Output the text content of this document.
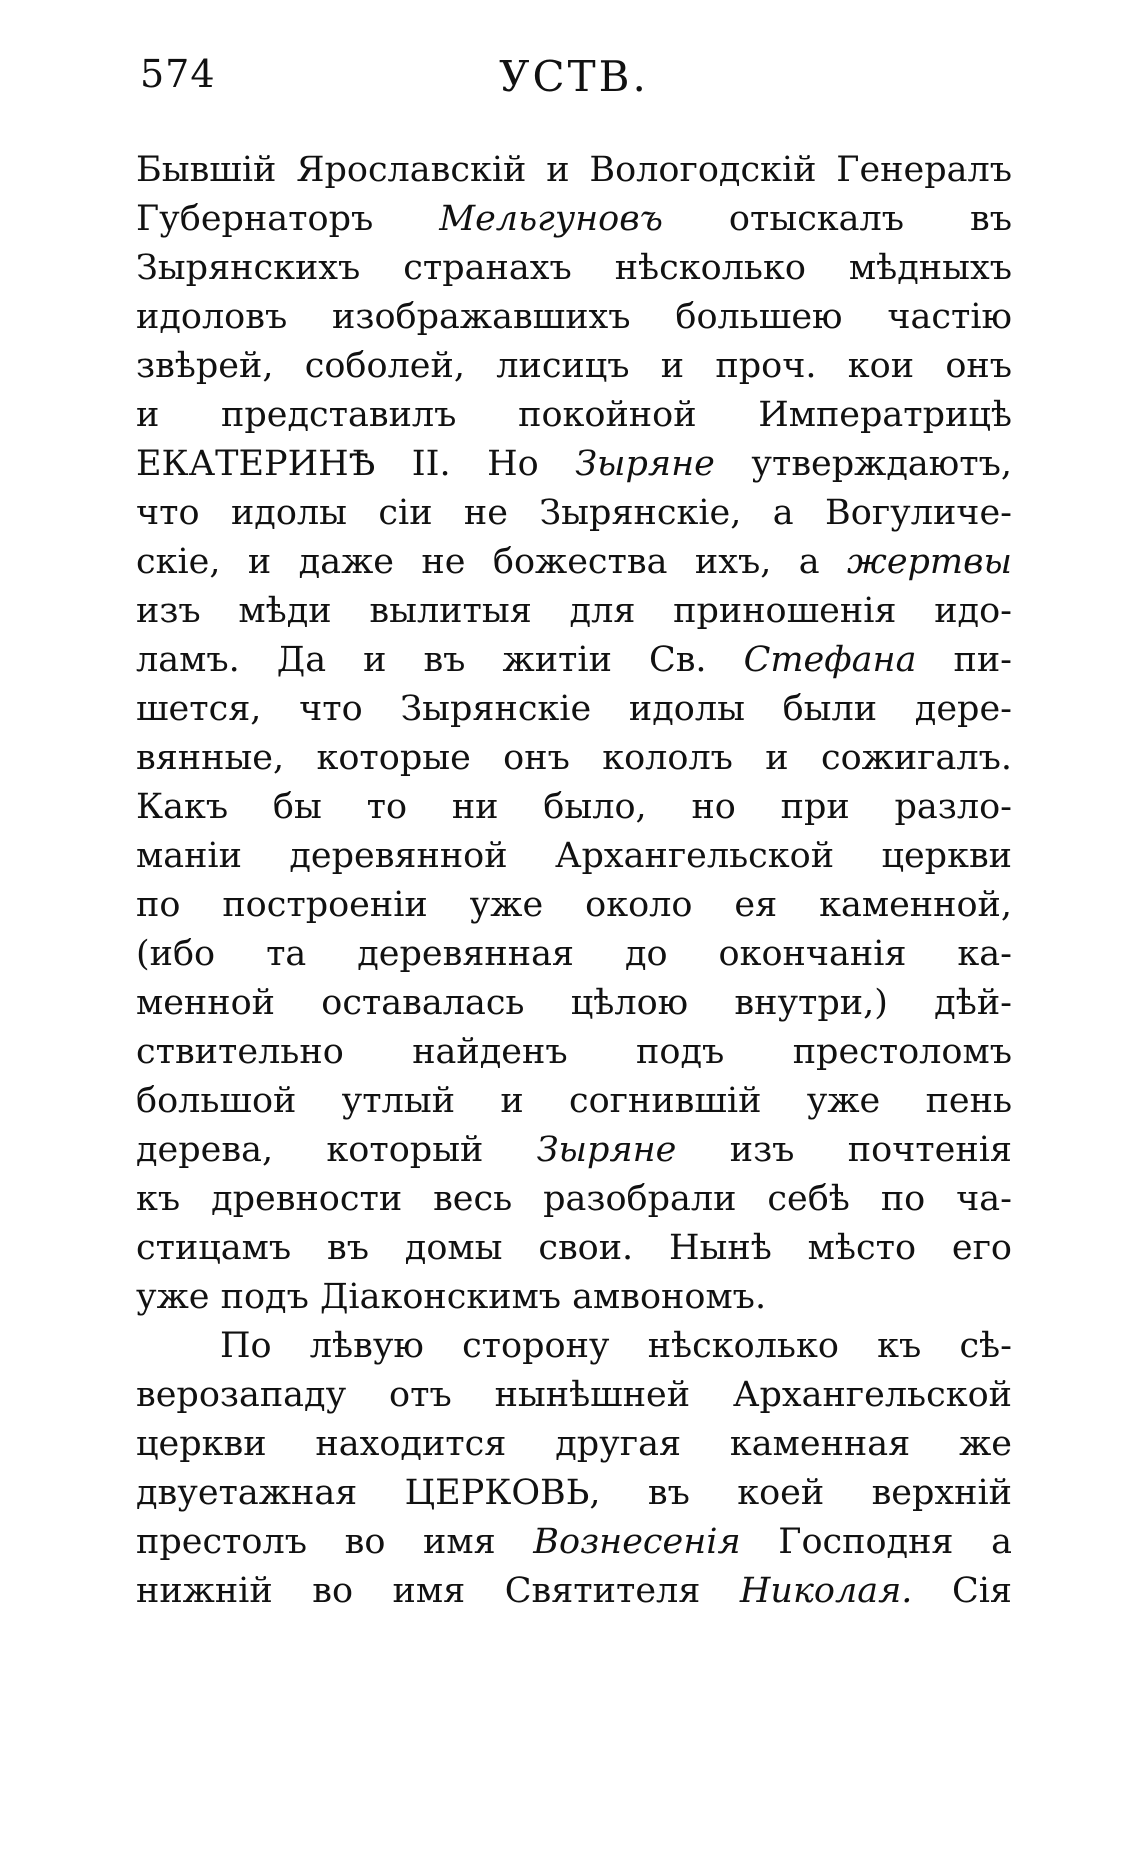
574	УСТВ.
Бывшій Ярославскій и Вологодскій Генералъ
Губернаторъ Мельгуновъ отыскалъ въ
Зырянскихъ странахъ нѣсколько мѣдныхъ
идоловъ изображавшихъ большею частію
звѣрей, соболей, лисицъ и проч. кои онъ
и представилъ покойной Императрицѣ
ЕКАТЕРИНѢ II. Но Зыряне утверждаютъ,
что идолы сіи не Зырянскіе, а Вогуличе-
скіе, и даже не божества ихъ, а жертвы
изъ мѣди вылитыя для приношенія идо-
ламъ. Да и въ житіи Св. Стефана пи-
шется, что Зырянскіе идолы были дере-
вянные, которые онъ кололъ и сожигалъ.
Какъ бы то ни было, но при разло-
маніи деревянной Архангельской церкви
по построеніи уже около ея каменной,
(ибо та деревянная до окончанія ка-
менной оставалась цѣлою внутри,) дѣй-
ствительно найденъ подъ престоломъ
большой утлый и согнившій уже пень
дерева, который Зыряне изъ почтенія
къ древности весь разобрали себѣ по ча-
стицамъ въ домы свои. Нынѣ мѣсто его
уже подъ Діаконскимъ амвономъ.
По лѣвую сторону нѣсколько къ сѣ-
верозападу отъ нынѣшней Архангельской
церкви находится другая каменная же
двуетажная ЦЕРКОВЬ, въ коей верхній
престолъ во имя Вознесенія Господня а
нижній во имя Святителя Николая. Сія
